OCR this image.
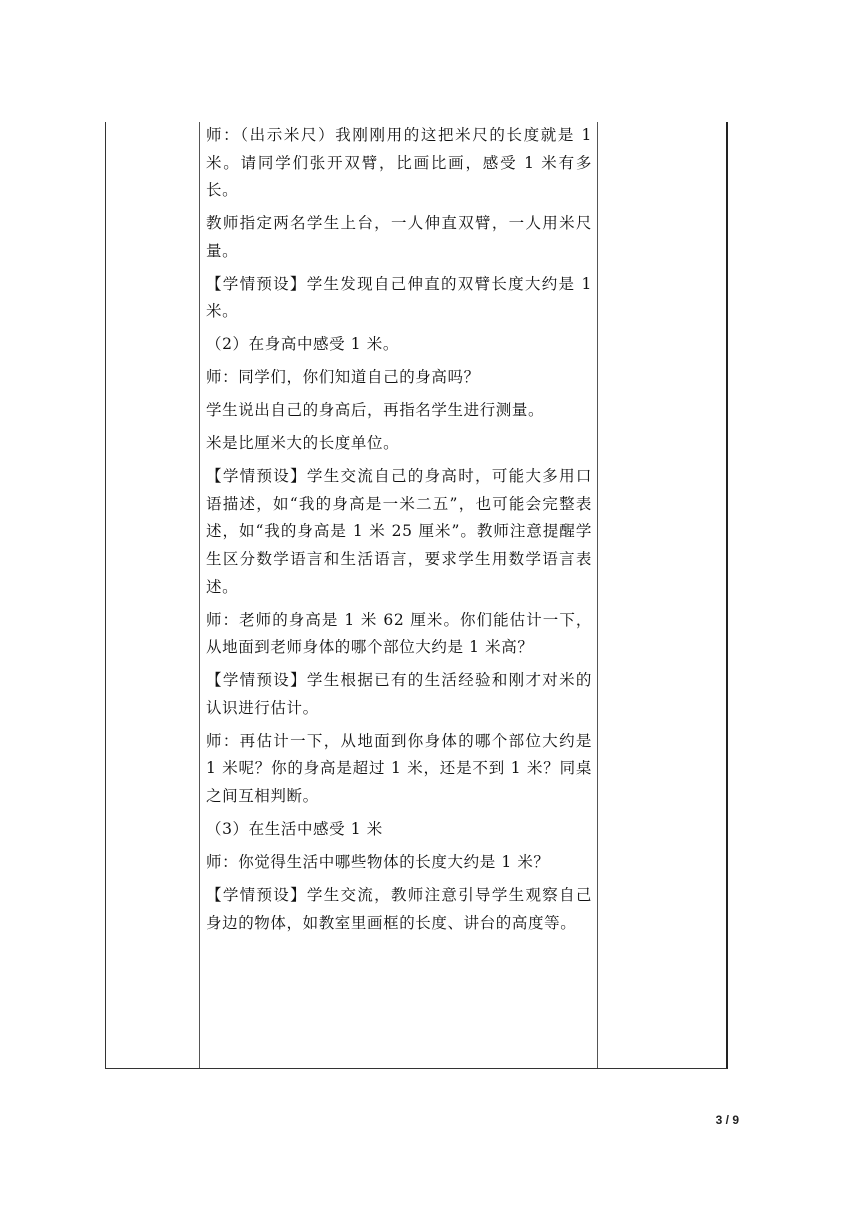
师：（出示米尺）我刚刚用的这把米尺的长度就是 1 米。请同学们张开双臂，比画比画，感受 1 米有多长。

教师指定两名学生上台，一人伸直双臂，一人用米尺量。

【学情预设】学生发现自己伸直的双臂长度大约是 1 米。

（2）在身高中感受 1 米。

师：同学们，你们知道自己的身高吗？

学生说出自己的身高后，再指名学生进行测量。

米是比厘米大的长度单位。

【学情预设】学生交流自己的身高时，可能大多用口语描述，如“我的身高是一米二五”，也可能会完整表述，如“我的身高是 1 米 25 厘米”。教师注意提醒学生区分数学语言和生活语言，要求学生用数学语言表述。

师：老师的身高是 1 米 62 厘米。你们能估计一下，从地面到老师身体的哪个部位大约是 1 米高？

【学情预设】学生根据已有的生活经验和刚才对米的认识进行估计。

师：再估计一下，从地面到你身体的哪个部位大约是 1 米呢？你的身高是超过 1 米，还是不到 1 米？同桌之间互相判断。

（3）在生活中感受 1 米

师：你觉得生活中哪些物体的长度大约是 1 米？

【学情预设】学生交流，教师注意引导学生观察自己身边的物体，如教室里画框的长度、讲台的高度等。

3 / 9
